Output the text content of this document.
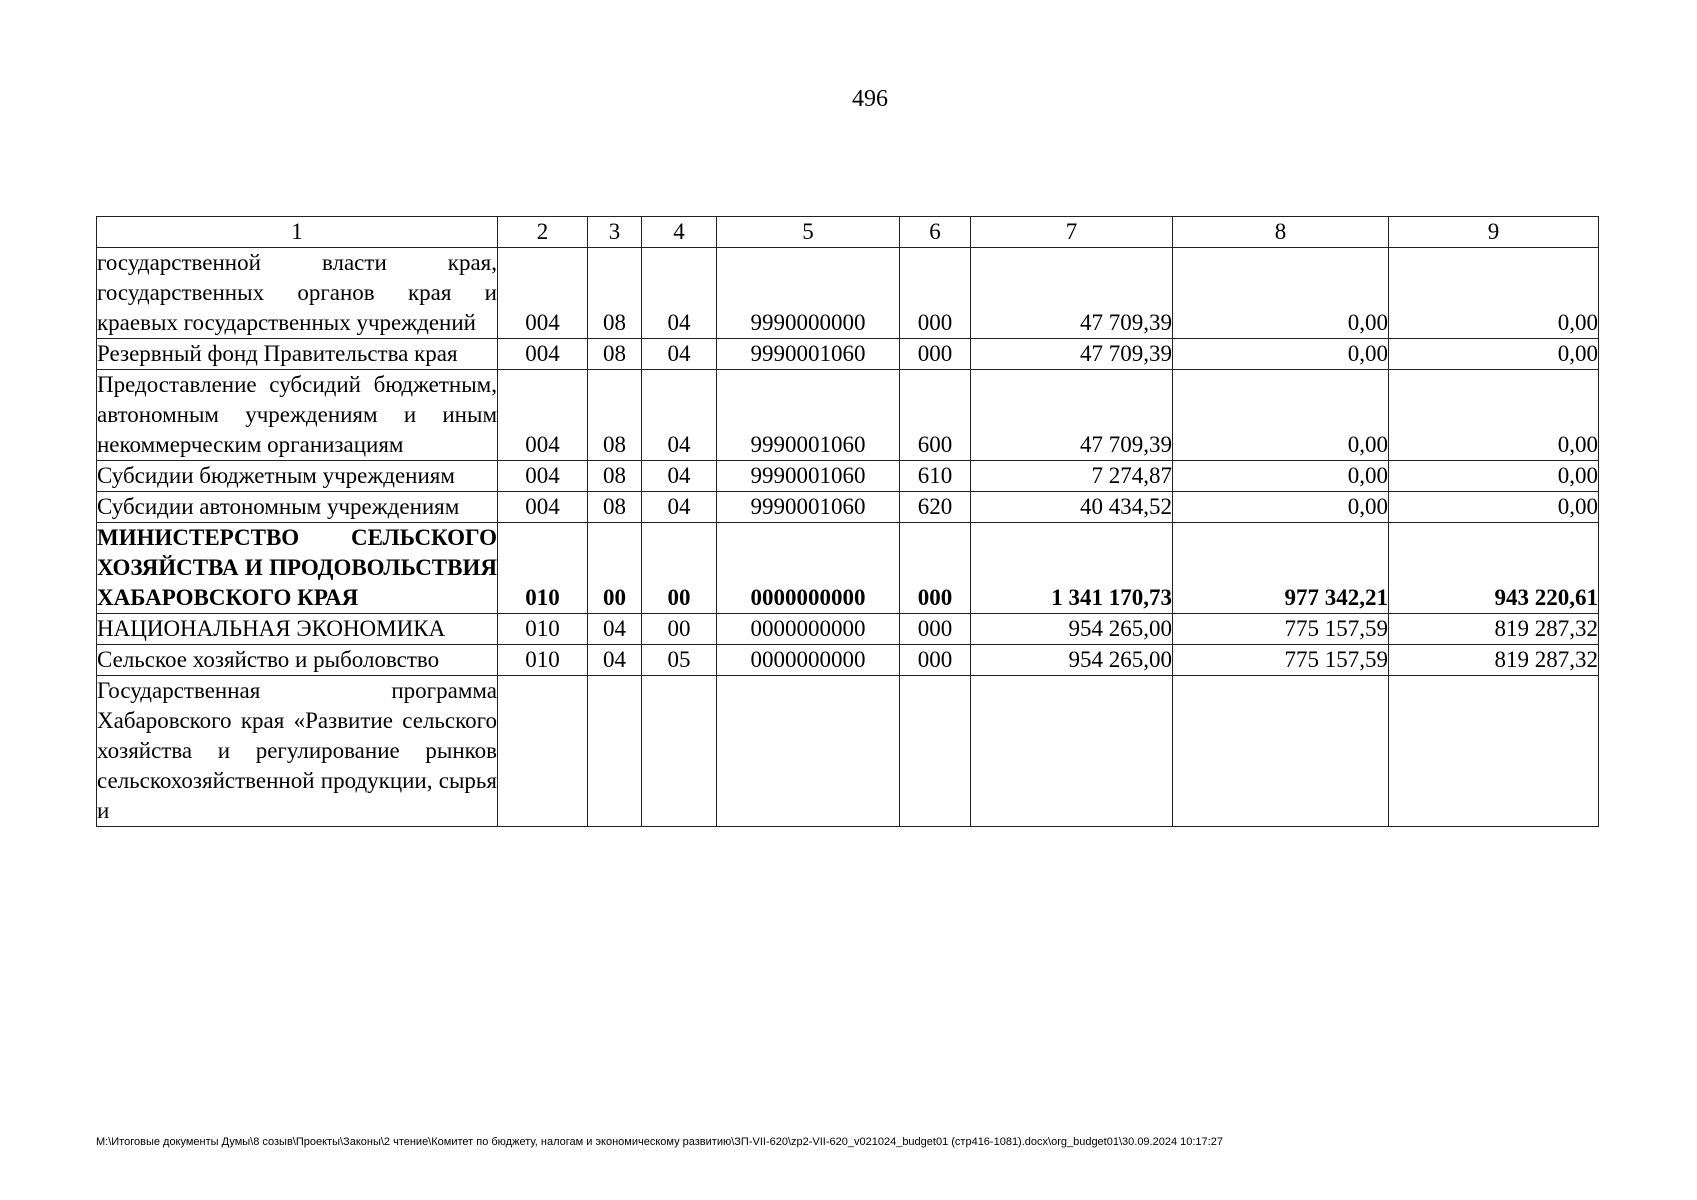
496
1	2	3	4	5	6	7	8	9
государственной власти края, государственных органов края и краевых государственных учреждений	004	08	04	9990000000	000	47 709,39	0,00	0,00
Резервный фонд Правительства края	004	08	04	9990001060	000	47 709,39	0,00	0,00
Предоставление субсидий бюджетным, автономным учреждениям и иным некоммерческим организациям	004	08	04	9990001060	600	47 709,39	0,00	0,00
Субсидии бюджетным учреждениям	004	08	04	9990001060	610	7 274,87	0,00	0,00
Субсидии автономным учреждениям	004	08	04	9990001060	620	40 434,52	0,00	0,00
МИНИСТЕРСТВО СЕЛЬСКОГО ХОЗЯЙСТВА И ПРОДОВОЛЬСТВИЯ ХАБАРОВСКОГО КРАЯ	010	00	00	0000000000	000	1 341 170,73	977 342,21	943 220,61
НАЦИОНАЛЬНАЯ ЭКОНОМИКА	010	04	00	0000000000	000	954 265,00	775 157,59	819 287,32
Сельское хозяйство и рыболовство	010	04	05	0000000000	000	954 265,00	775 157,59	819 287,32
Государственная программа Хабаровского края «Развитие сельского хозяйства и регулирование рынков сельскохозяйственной продукции, сырья и								
М:\Итоговые документы Думы\8 созыв\Проекты\Законы\2 чтение\Комитет по бюджету, налогам и экономическому развитию\ЗП-VII-620\zp2-VII-620_v021024_budget01 (стр416-1081).docx\org_budget01\30.09.2024 10:17:27
